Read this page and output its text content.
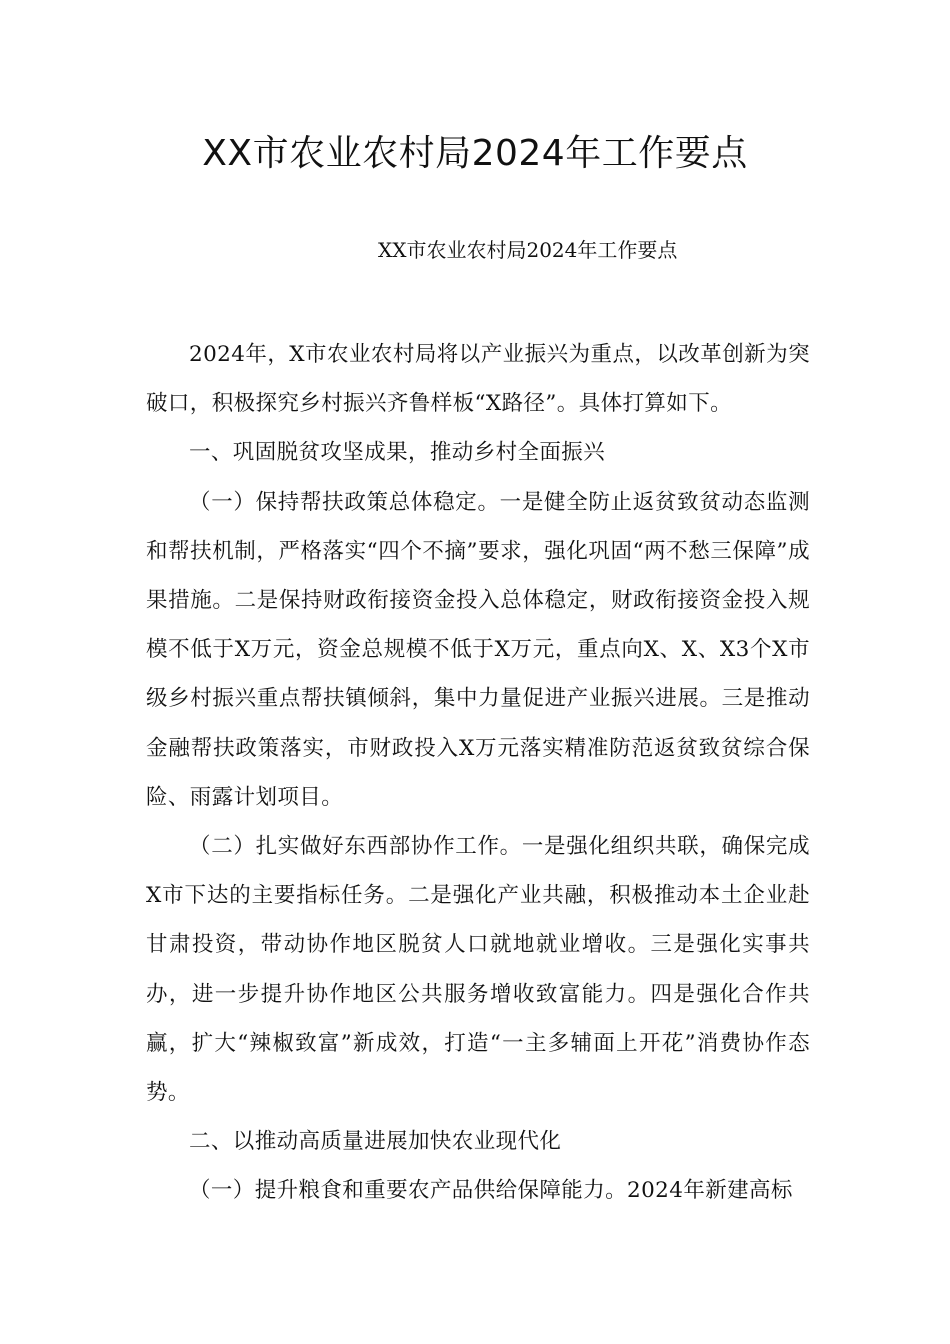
XX市农业农村局2024年工作要点
XX市农业农村局2024年工作要点

2024年，X市农业农村局将以产业振兴为重点，以改革创新为突破口，积极探究乡村振兴齐鲁样板“X路径”。具体打算如下。

一、巩固脱贫攻坚成果，推动乡村全面振兴

（一）保持帮扶政策总体稳定。一是健全防止返贫致贫动态监测和帮扶机制，严格落实“四个不摘”要求，强化巩固“两不愁三保障”成果措施。二是保持财政衔接资金投入总体稳定，财政衔接资金投入规模不低于X万元，资金总规模不低于X万元，重点向X、X、X3个X市级乡村振兴重点帮扶镇倾斜，集中力量促进产业振兴进展。三是推动金融帮扶政策落实，市财政投入X万元落实精准防范返贫致贫综合保险、雨露计划项目。

（二）扎实做好东西部协作工作。一是强化组织共联，确保完成X市下达的主要指标任务。二是强化产业共融，积极推动本土企业赴甘肃投资，带动协作地区脱贫人口就地就业增收。三是强化实事共办，进一步提升协作地区公共服务增收致富能力。四是强化合作共赢，扩大“辣椒致富”新成效，打造“一主多辅面上开花”消费协作态势。

二、以推动高质量进展加快农业现代化

（一）提升粮食和重要农产品供给保障能力。2024年新建高标
